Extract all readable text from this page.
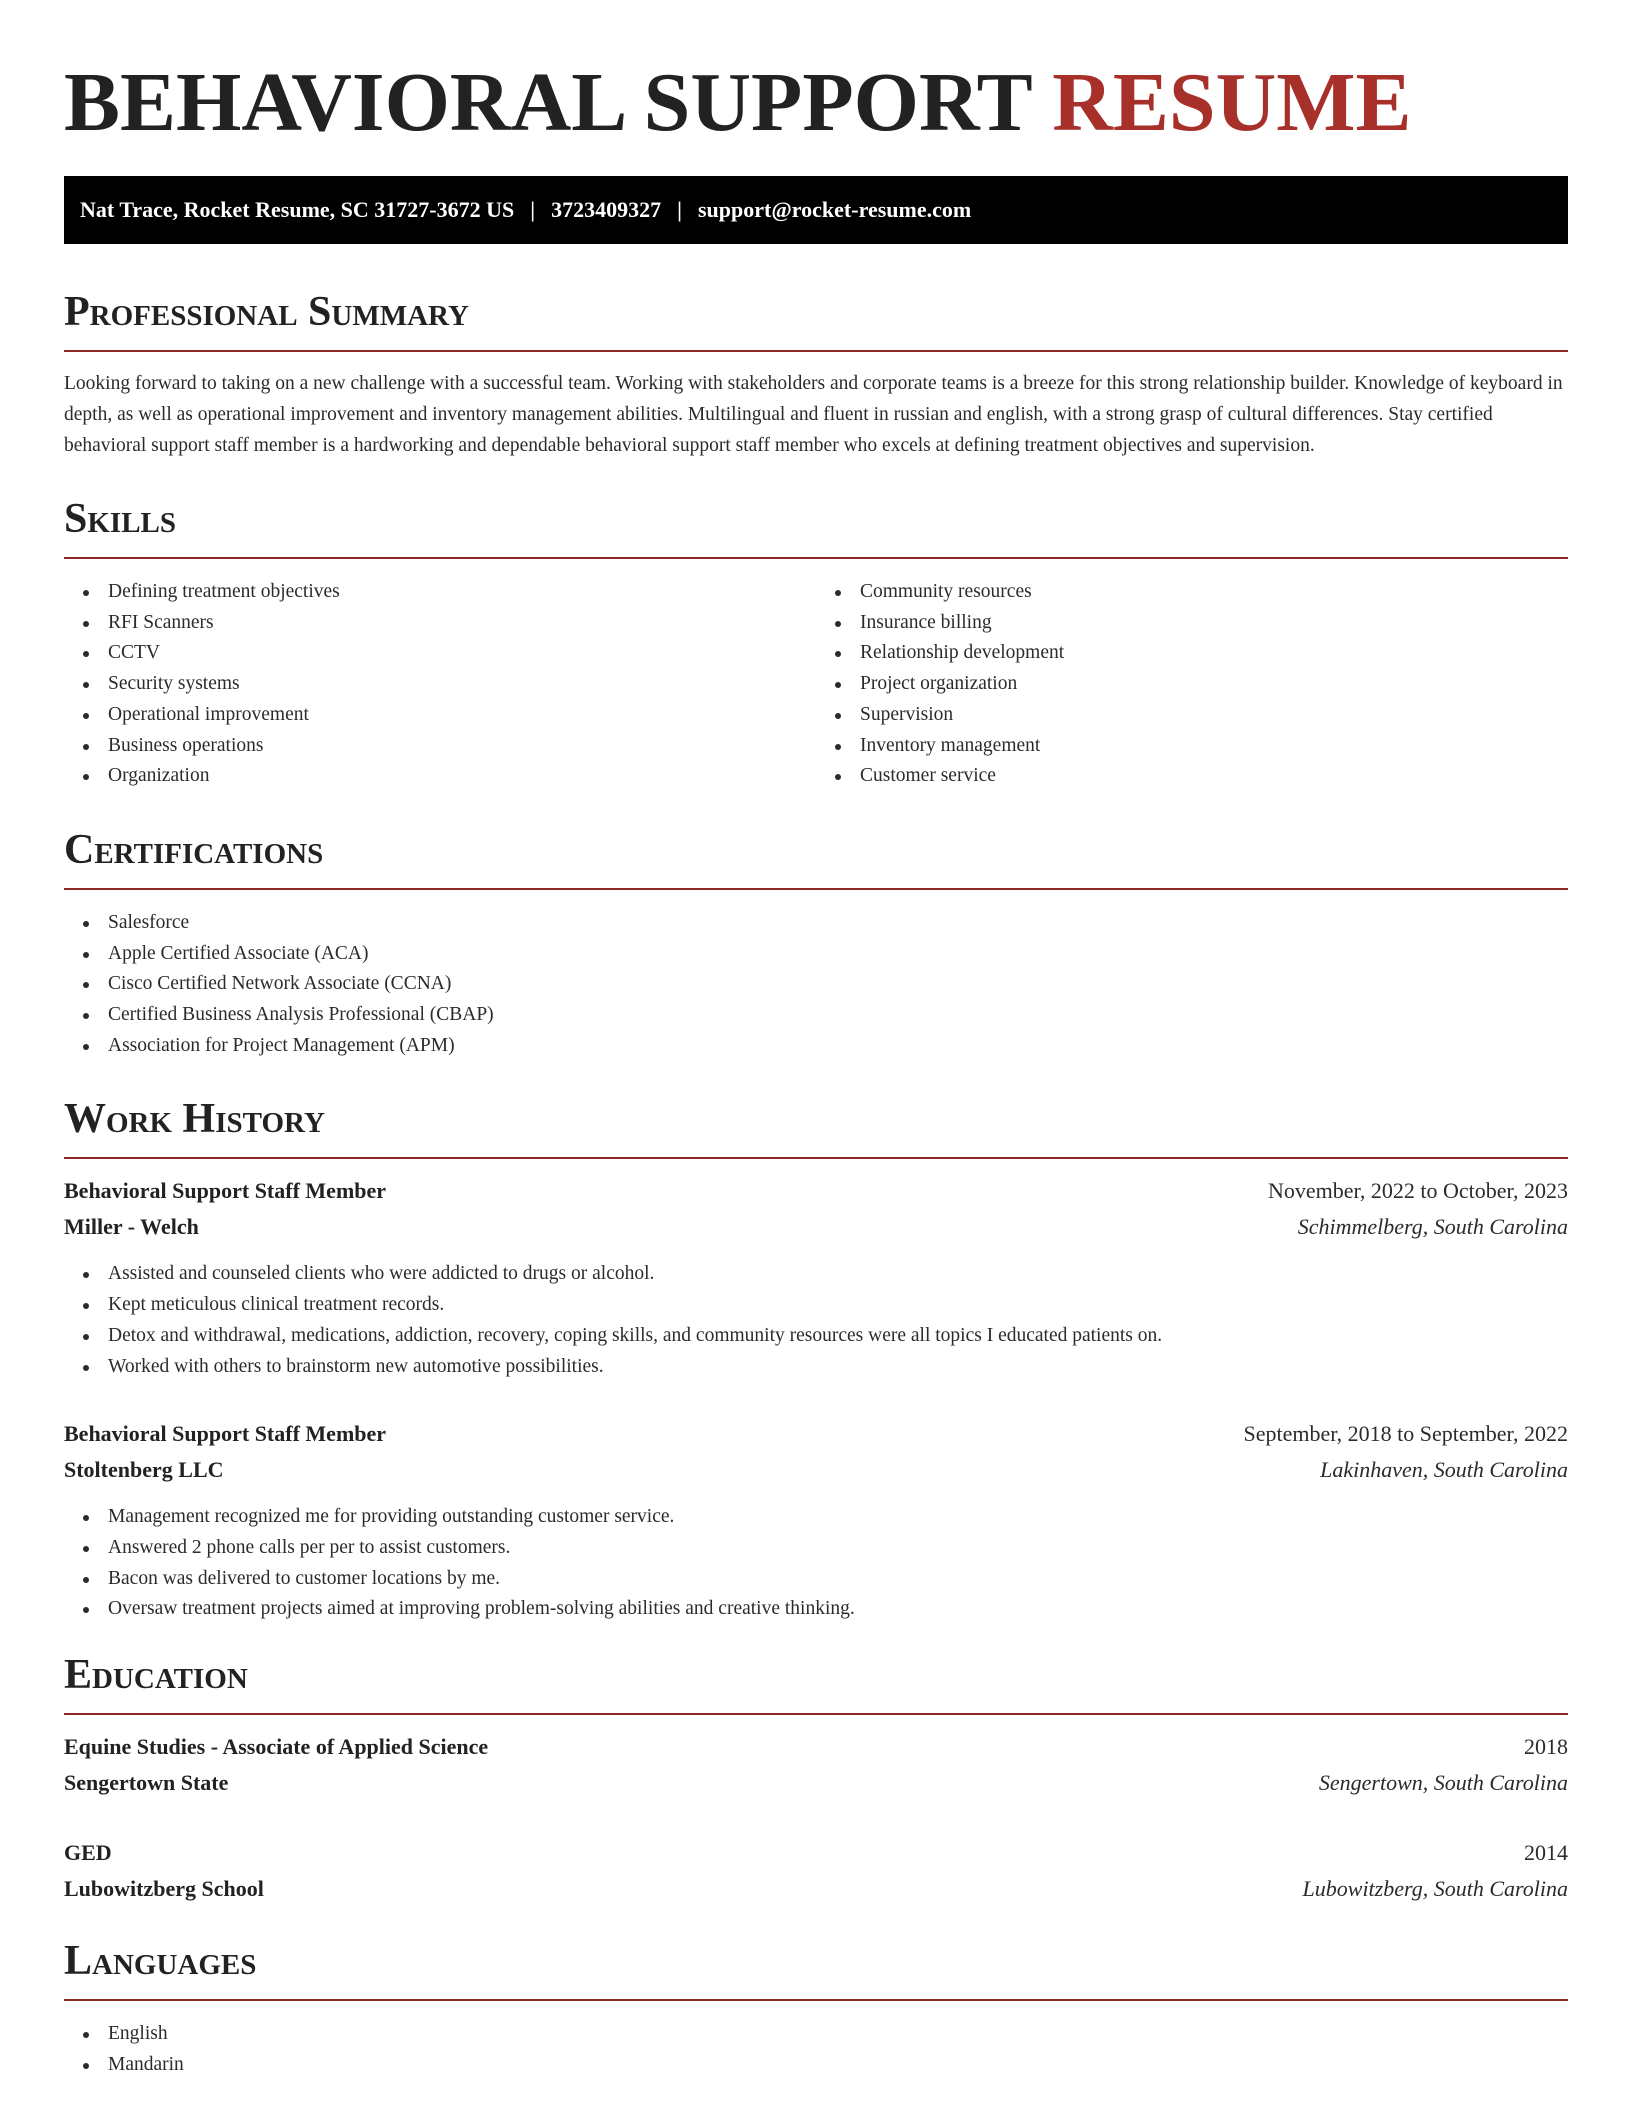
BEHAVIORAL SUPPORT RESUME
Nat Trace, Rocket Resume, SC 31727-3672 US | 3723409327 | support@rocket-resume.com
Professional Summary

Looking forward to taking on a new challenge with a successful team. Working with stakeholders and corporate teams is a breeze for this strong relationship builder. Knowledge of keyboard in depth, as well as operational improvement and inventory management abilities. Multilingual and fluent in russian and english, with a strong grasp of cultural differences. Stay certified behavioral support staff member is a hardworking and dependable behavioral support staff member who excels at defining treatment objectives and supervision.

Skills
Defining treatment objectives
RFI Scanners
CCTV
Security systems
Operational improvement
Business operations
Organization
Community resources
Insurance billing
Relationship development
Project organization
Supervision
Inventory management
Customer service
Certifications
Salesforce
Apple Certified Associate (ACA)
Cisco Certified Network Associate (CCNA)
Certified Business Analysis Professional (CBAP)
Association for Project Management (APM)
Work History
Behavioral Support Staff Member	November, 2022 to October, 2023
Miller - Welch	Schimmelberg, South Carolina
Assisted and counseled clients who were addicted to drugs or alcohol.
Kept meticulous clinical treatment records.
Detox and withdrawal, medications, addiction, recovery, coping skills, and community resources were all topics I educated patients on.
Worked with others to brainstorm new automotive possibilities.
Behavioral Support Staff Member	September, 2018 to September, 2022
Stoltenberg LLC	Lakinhaven, South Carolina
Management recognized me for providing outstanding customer service.
Answered 2 phone calls per per to assist customers.
Bacon was delivered to customer locations by me.
Oversaw treatment projects aimed at improving problem-solving abilities and creative thinking.
Education
Equine Studies - Associate of Applied Science	2018
Sengertown State	Sengertown, South Carolina
GED	2014
Lubowitzberg School	Lubowitzberg, South Carolina
Languages
English
Mandarin
